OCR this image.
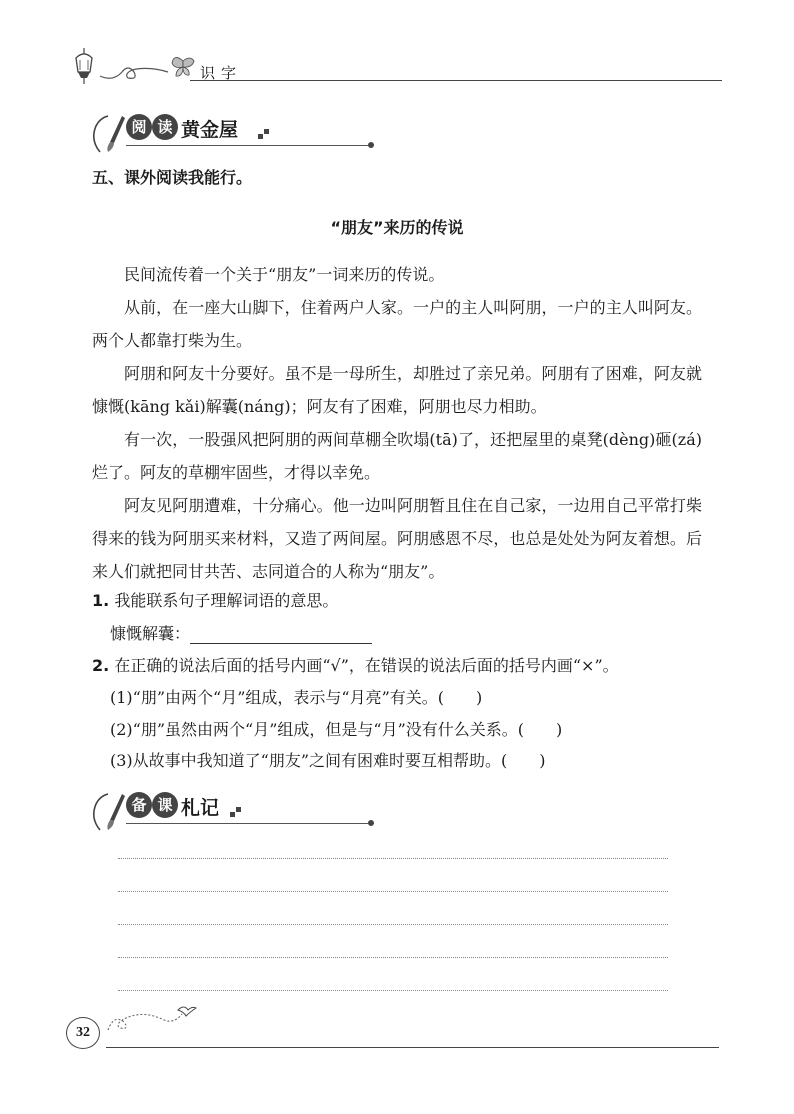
识字
阅 读 黄金屋
五、课外阅读我能行。
“朋友”来历的传说
民间流传着一个关于“朋友”一词来历的传说。
从前，在一座大山脚下，住着两户人家。一户的主人叫阿朋，一户的主人叫阿友。两个人都靠打柴为生。
阿朋和阿友十分要好。虽不是一母所生，却胜过了亲兄弟。阿朋有了困难，阿友就慷慨(kāng kǎi)解囊(náng)；阿友有了困难，阿朋也尽力相助。
有一次，一股强风把阿朋的两间草棚全吹塌(tā)了，还把屋里的桌凳(dèng)砸(zá)烂了。阿友的草棚牢固些，才得以幸免。
阿友见阿朋遭难，十分痛心。他一边叫阿朋暂且住在自己家，一边用自己平常打柴得来的钱为阿朋买来材料，又造了两间屋。阿朋感恩不尽，也总是处处为阿友着想。后来人们就把同甘共苦、志同道合的人称为“朋友”。
1. 我能联系句子理解词语的意思。
慷慨解囊：
2. 在正确的说法后面的括号内画“√”，在错误的说法后面的括号内画“×”。
(1)“朋”由两个“月”组成，表示与“月亮”有关。(　　)
(2)“朋”虽然由两个“月”组成，但是与“月”没有什么关系。(　　)
(3)从故事中我知道了“朋友”之间有困难时要互相帮助。(　　)
备 课 札记
32
